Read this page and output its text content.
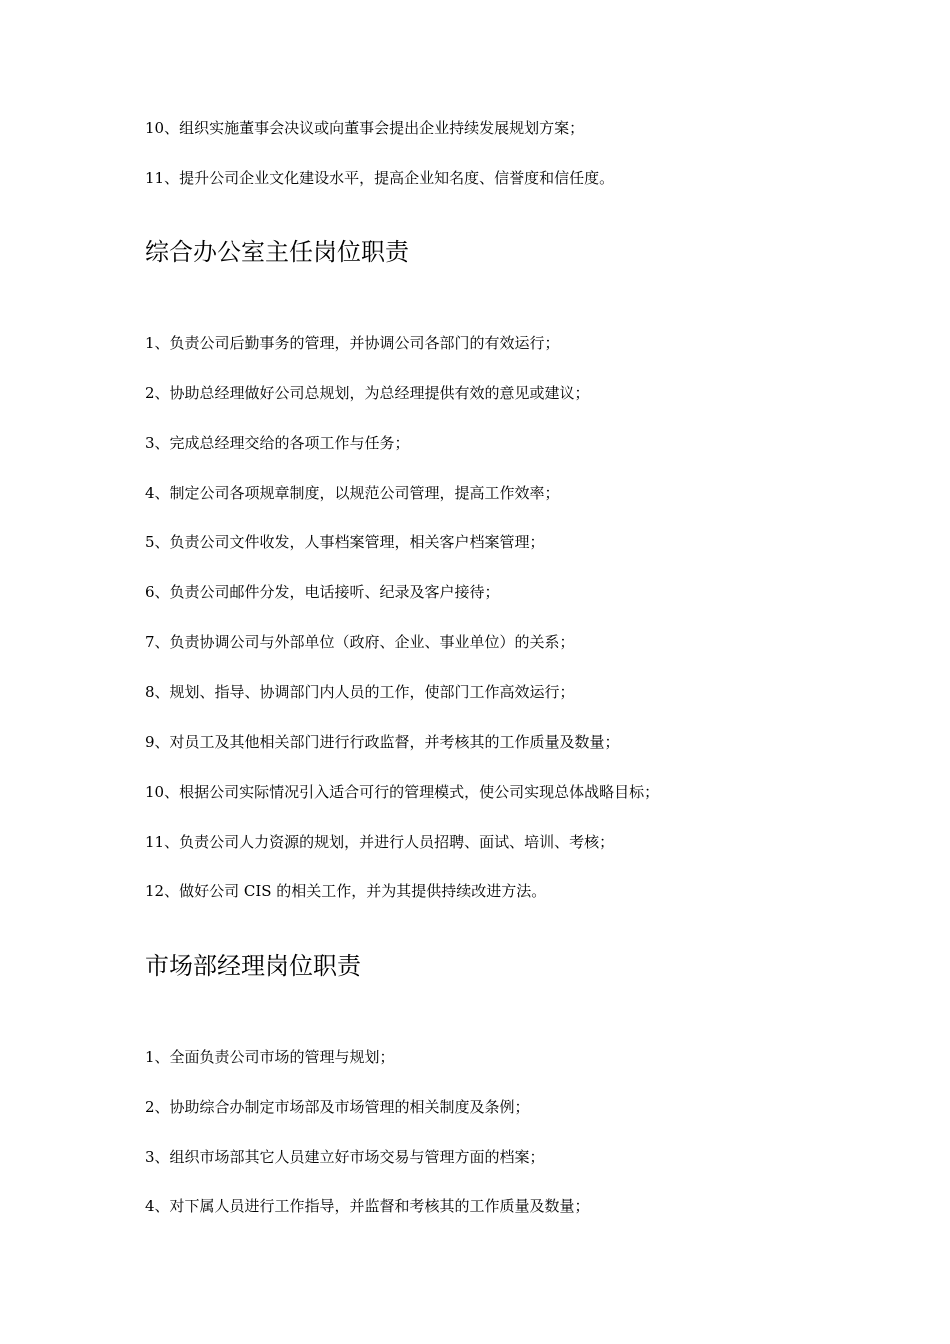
10、组织实施董事会决议或向董事会提出企业持续发展规划方案；
11、提升公司企业文化建设水平，提高企业知名度、信誉度和信任度。
综合办公室主任岗位职责
1、负责公司后勤事务的管理，并协调公司各部门的有效运行；
2、协助总经理做好公司总规划，为总经理提供有效的意见或建议；
3、完成总经理交给的各项工作与任务；
4、制定公司各项规章制度，以规范公司管理，提高工作效率；
5、负责公司文件收发，人事档案管理，相关客户档案管理；
6、负责公司邮件分发，电话接听、纪录及客户接待；
7、负责协调公司与外部单位（政府、企业、事业单位）的关系；
8、规划、指导、协调部门内人员的工作，使部门工作高效运行；
9、对员工及其他相关部门进行行政监督，并考核其的工作质量及数量；
10、根据公司实际情况引入适合可行的管理模式，使公司实现总体战略目标；
11、负责公司人力资源的规划，并进行人员招聘、面试、培训、考核；
12、做好公司 CIS 的相关工作，并为其提供持续改进方法。
市场部经理岗位职责
1、全面负责公司市场的管理与规划；
2、协助综合办制定市场部及市场管理的相关制度及条例；
3、组织市场部其它人员建立好市场交易与管理方面的档案；
4、对下属人员进行工作指导，并监督和考核其的工作质量及数量；
